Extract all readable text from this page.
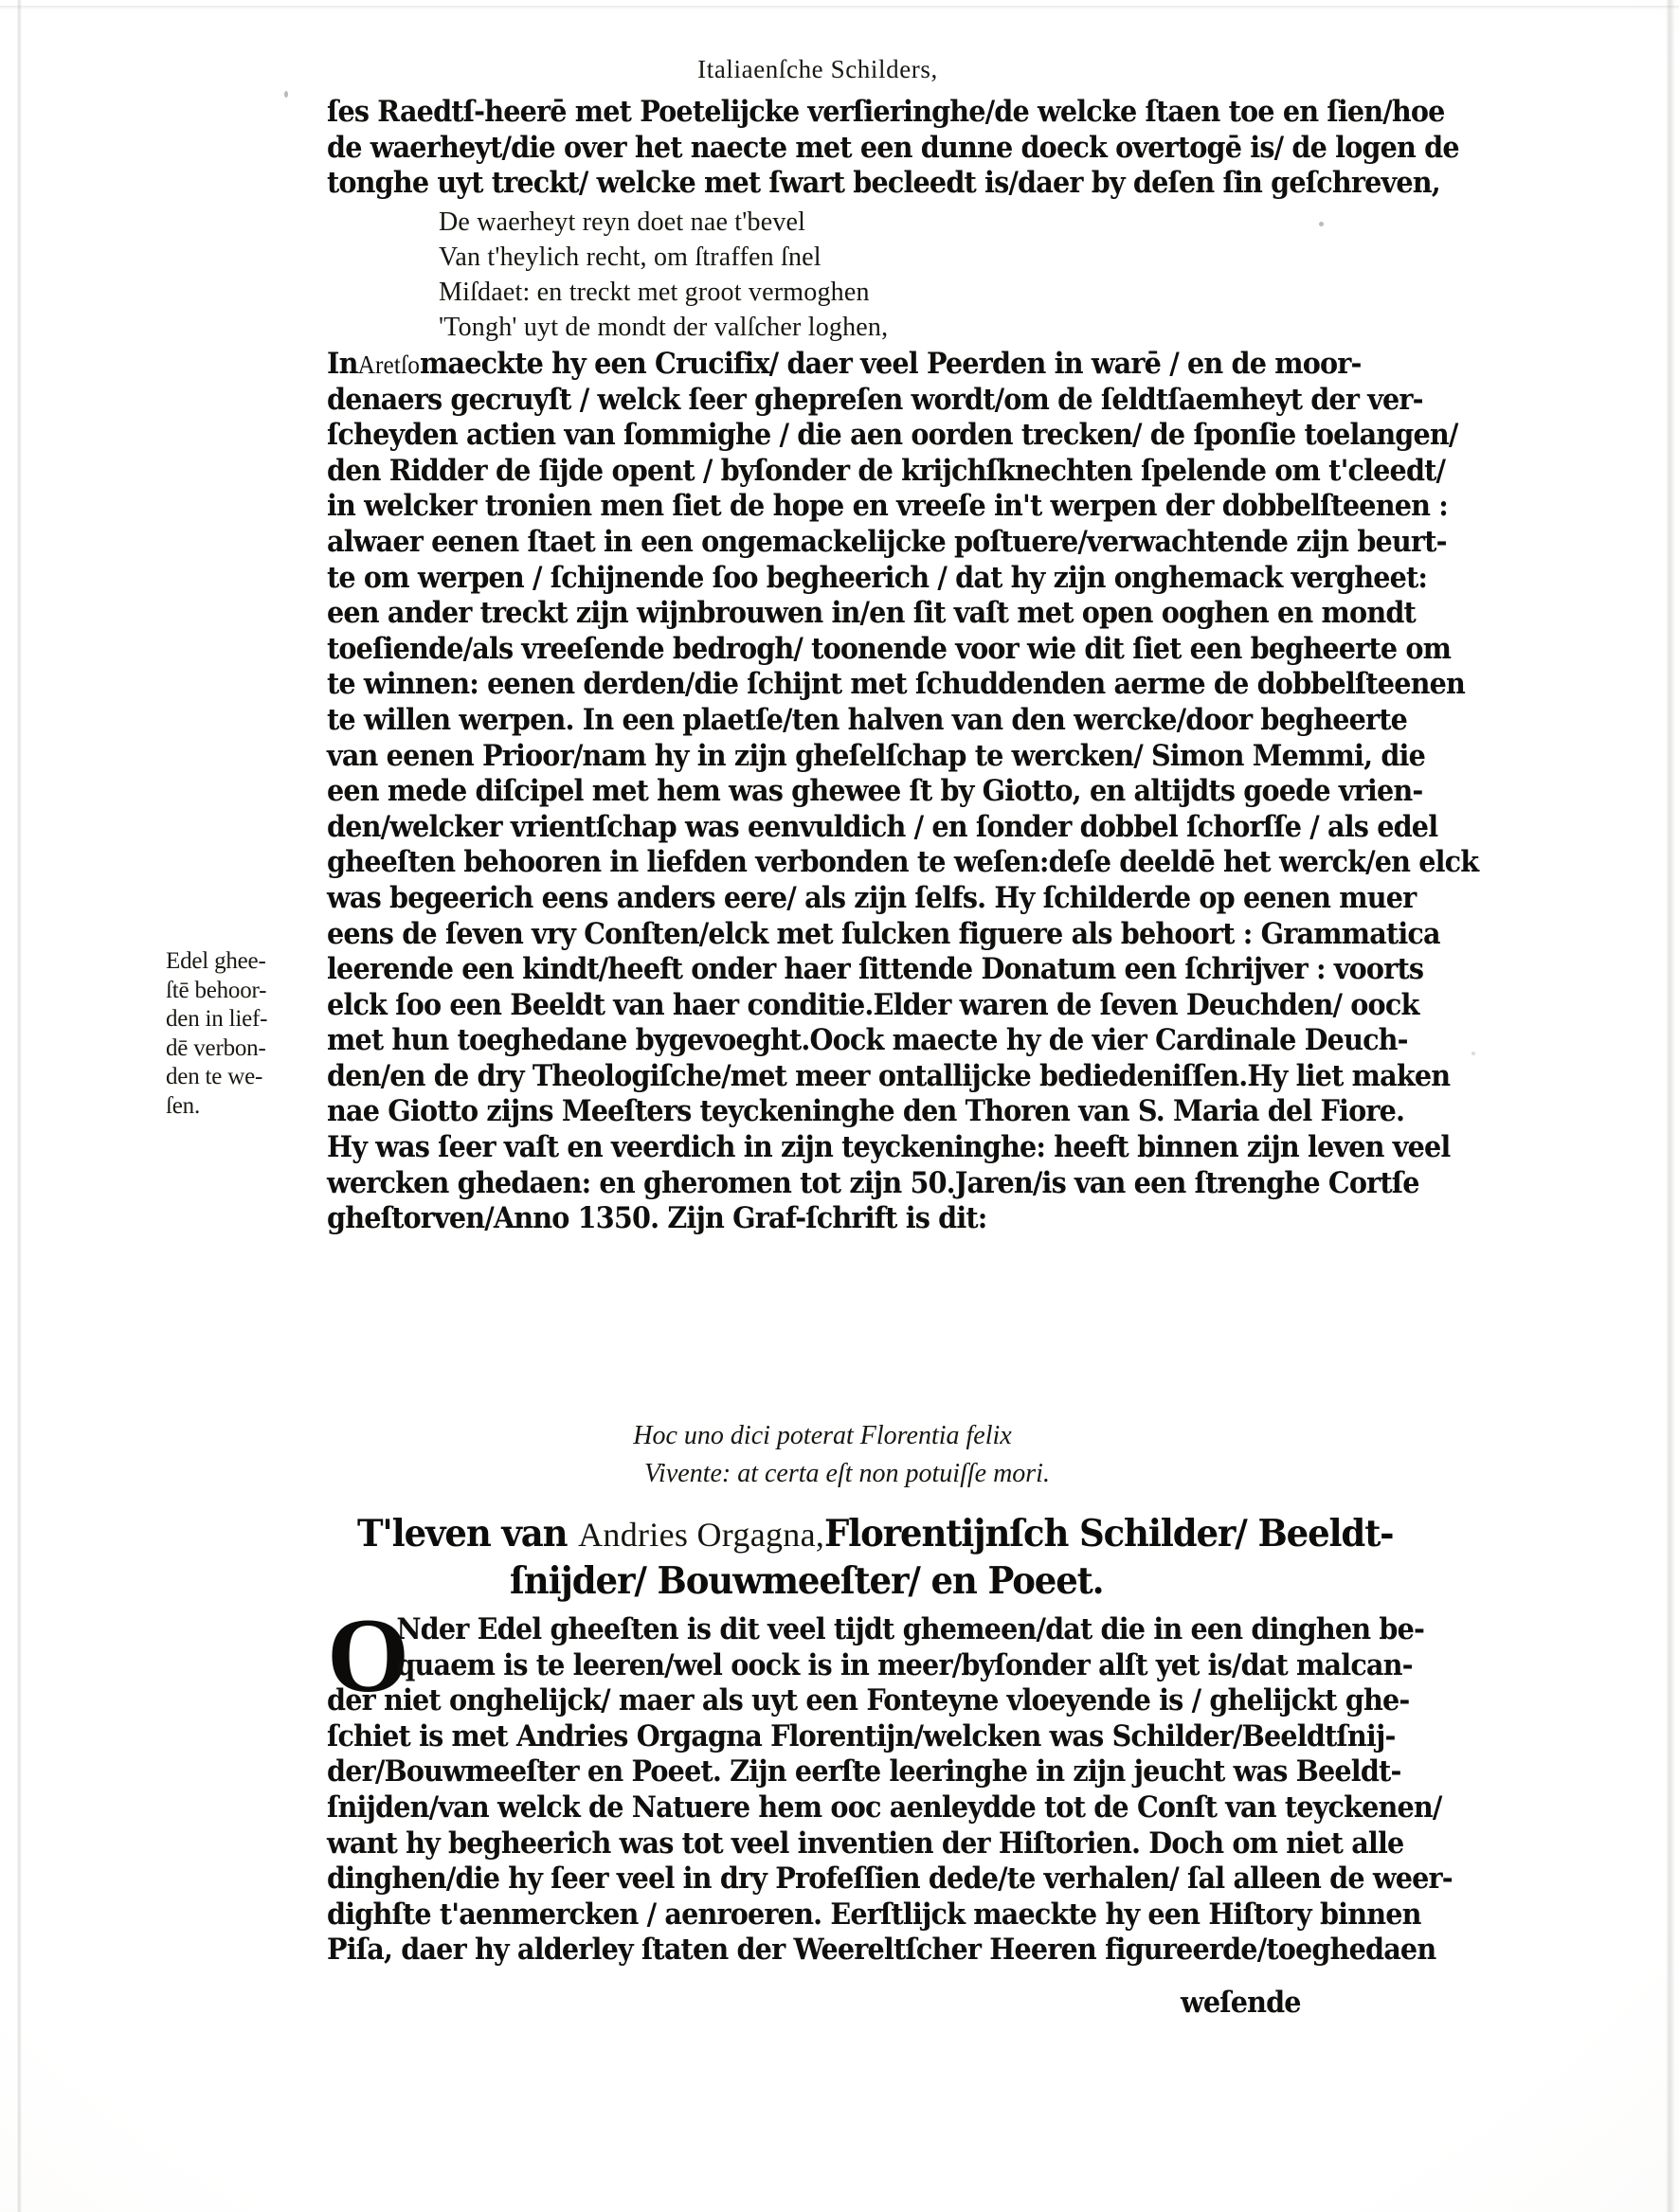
Italiaenſche Schilders,
ſes Raedtſ-heerē met Poetelijcke verſieringhe/de welcke ſtaen toe en ſien/hoe
de waerheyt/die over het naecte met een dunne doeck overtogē is/ de logen de
tonghe uyt treckt/ welcke met ſwart becleedt is/daer by deſen ſin geſchreven,
De waerheyt reyn doet nae t'bevel
Van t'heylich recht, om ſtraffen ſnel
Miſdaet: en treckt met groot vermoghen
'Tongh' uyt de mondt der valſcher loghen,
InAretſomaeckte hy een Crucifix/ daer veel Peerden in warē / en de moor-
denaers gecruyſt / welck ſeer ghepreſen wordt/om de ſeldtſaemheyt der ver-
ſcheyden actien van ſommighe / die aen oorden trecken/ de ſponſie toelangen/
den Ridder de ſijde opent / byſonder de krijchſknechten ſpelende om t'cleedt/
in welcker tronien men ſiet de hope en vreeſe in't werpen der dobbelſteenen :
alwaer eenen ſtaet in een ongemackelijcke poſtuere/verwachtende zijn beurt-
te om werpen / ſchijnende ſoo begheerich / dat hy zijn onghemack vergheet:
een ander treckt zijn wijnbrouwen in/en ſit vaſt met open ooghen en mondt
toeſiende/als vreeſende bedrogh/ toonende voor wie dit ſiet een begheerte om
te winnen: eenen derden/die ſchijnt met ſchuddenden aerme de dobbelſteenen
te willen werpen. In een plaetſe/ten halven van den wercke/door begheerte
van eenen Prioor/nam hy in zijn gheſelſchap te wercken/ Simon Memmi, die
een mede diſcipel met hem was ghewee ſt by Giotto, en altijdts goede vrien-
den/welcker vrientſchap was eenvuldich / en ſonder dobbel ſchorſſe / als edel
gheeſten behooren in liefden verbonden te weſen:deſe deeldē het werck/en elck
was begeerich eens anders eere/ als zijn ſelfs. Hy ſchilderde op eenen muer
eens de ſeven vry Conſten/elck met ſulcken figuere als behoort : Grammatica
leerende een kindt/heeft onder haer ſittende Donatum een ſchrijver : voorts
elck ſoo een Beeldt van haer conditie.Elder waren de ſeven Deuchden/ oock
met hun toeghedane bygevoeght.Oock maecte hy de vier Cardinale Deuch-
den/en de dry Theologiſche/met meer ontallijcke bediedeniſſen.Hy liet maken
nae Giotto zijns Meeſters teyckeninghe den Thoren van S. Maria del Fiore.
Hy was ſeer vaſt en veerdich in zijn teyckeninghe: heeft binnen zijn leven veel
wercken ghedaen: en gheromen tot zijn 50.Jaren/is van een ſtrenghe Cortſe
gheſtorven/Anno 1350. Zijn Graf-ſchrift is dit:
Edel ghee-
ſtē behoor-
den in lief-
dē verbon-
den te we-
ſen.
Hoc uno dici poterat Florentia felix
Vivente: at certa eſt non potuiſſe mori.
T'leven vanAndries Orgagna,Florentijnſch Schilder/ Beeldt-
ſnijder/ Bouwmeeſter/ en Poeet.
O
Nder Edel gheeſten is dit veel tijdt ghemeen/dat die in een dinghen be-
quaem is te leeren/wel oock is in meer/byſonder alſt yet is/dat malcan-
der niet onghelijck/ maer als uyt een Fonteyne vloeyende is / ghelijckt ghe-
ſchiet is met Andries Orgagna Florentijn/welcken was Schilder/Beeldtſnij-
der/Bouwmeeſter en Poeet. Zijn eerſte leeringhe in zijn jeucht was Beeldt-
ſnijden/van welck de Natuere hem ooc aenleydde tot de Conſt van teyckenen/
want hy begheerich was tot veel inventien der Hiſtorien. Doch om niet alle
dinghen/die hy ſeer veel in dry Profeſſien dede/te verhalen/ ſal alleen de weer-
dighſte t'aenmercken / aenroeren. Eerſtlijck maeckte hy een Hiſtory binnen
Piſa, daer hy alderley ſtaten der Weereltſcher Heeren figureerde/toeghedaen
weſende
